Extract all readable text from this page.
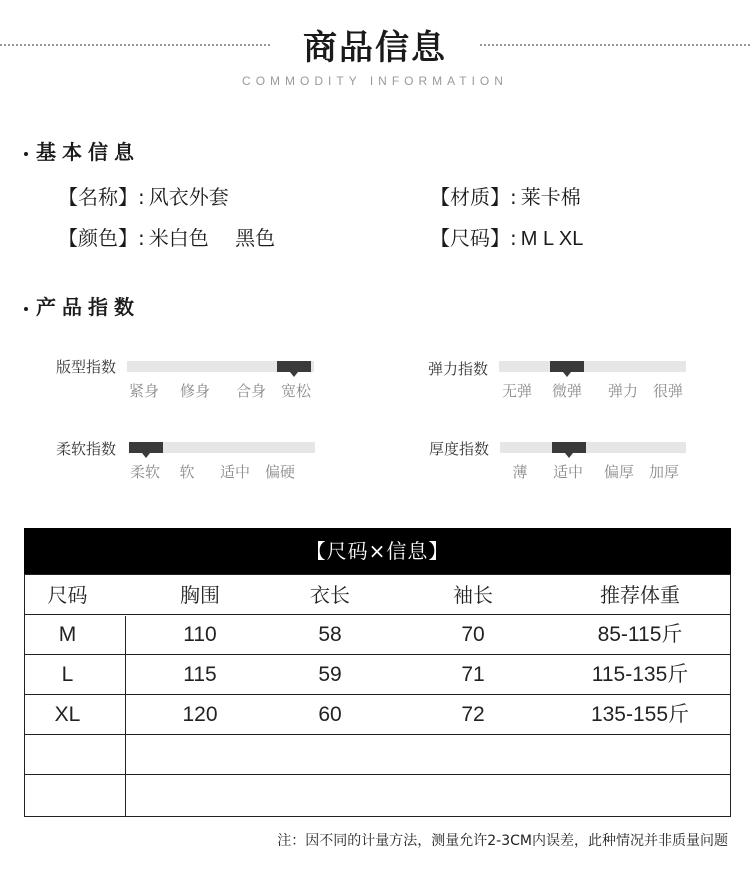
商品信息
COMMODITY INFORMATION
基本信息
【名称】: 风衣外套	【材质】: 莱卡棉
【颜色】: 米白色　 黑色	【尺码】: M L XL
产品指数
版型指数
紧身 修身 合身 宽松
弹力指数
无弹 微弹 弹力 很弹
柔软指数
柔软 软 适中 偏硬
厚度指数
薄 适中 偏厚 加厚
【尺码×信息】
尺码	胸围	衣长	袖长	推荐体重
M	110	58	70	85-115斤
L	115	59	71	115-135斤
XL	120	60	72	135-155斤
注：因不同的计量方法，测量允许2-3CM内误差，此种情况并非质量问题
